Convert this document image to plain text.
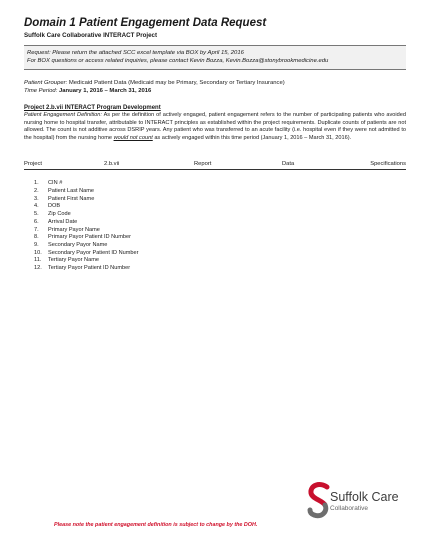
Domain 1 Patient Engagement Data Request
Suffolk Care Collaborative INTERACT Project
Request: Please return the attached SCC excel template via BOX by April 15, 2016
For BOX questions or access related inquiries, please contact Kevin Bozza, Kevin.Bozza@stonybrookmedicine.edu
Patient Grouper: Medicaid Patient Data (Medicaid may be Primary, Secondary or Tertiary Insurance)
Time Period: January 1, 2016 – March 31, 2016
Project 2.b.vii INTERACT Program Development
Patient Engagement Definition: As per the definition of actively engaged, patient engagement refers to the number of participating patients who avoided nursing home to hospital transfer, attributable to INTERACT principles as established within the project requirements. Duplicate counts of patients are not allowed. The count is not additive across DSRIP years. Any patient who was transferred to an acute facility (i.e. hospital even if they were not admitted to the hospital) from the nursing home would not count as actively engaged within this time period (January 1, 2016 – March 31, 2016).
Project	2.b.vii	Report	Data	Specifications
1.	CIN #
2.	Patient Last Name
3.	Patient First Name
4.	DOB
5.	Zip Code
6.	Arrival Date
7.	Primary Payor Name
8.	Primary Payor Patient ID Number
9.	Secondary Payor Name
10.	Secondary Payor Patient ID Number
11.	Tertiary Payor Name
12.	Tertiary Payor Patient ID Number
Suffolk Care
Collaborative
Please note the patient engagement definition is subject to change by the DOH.
